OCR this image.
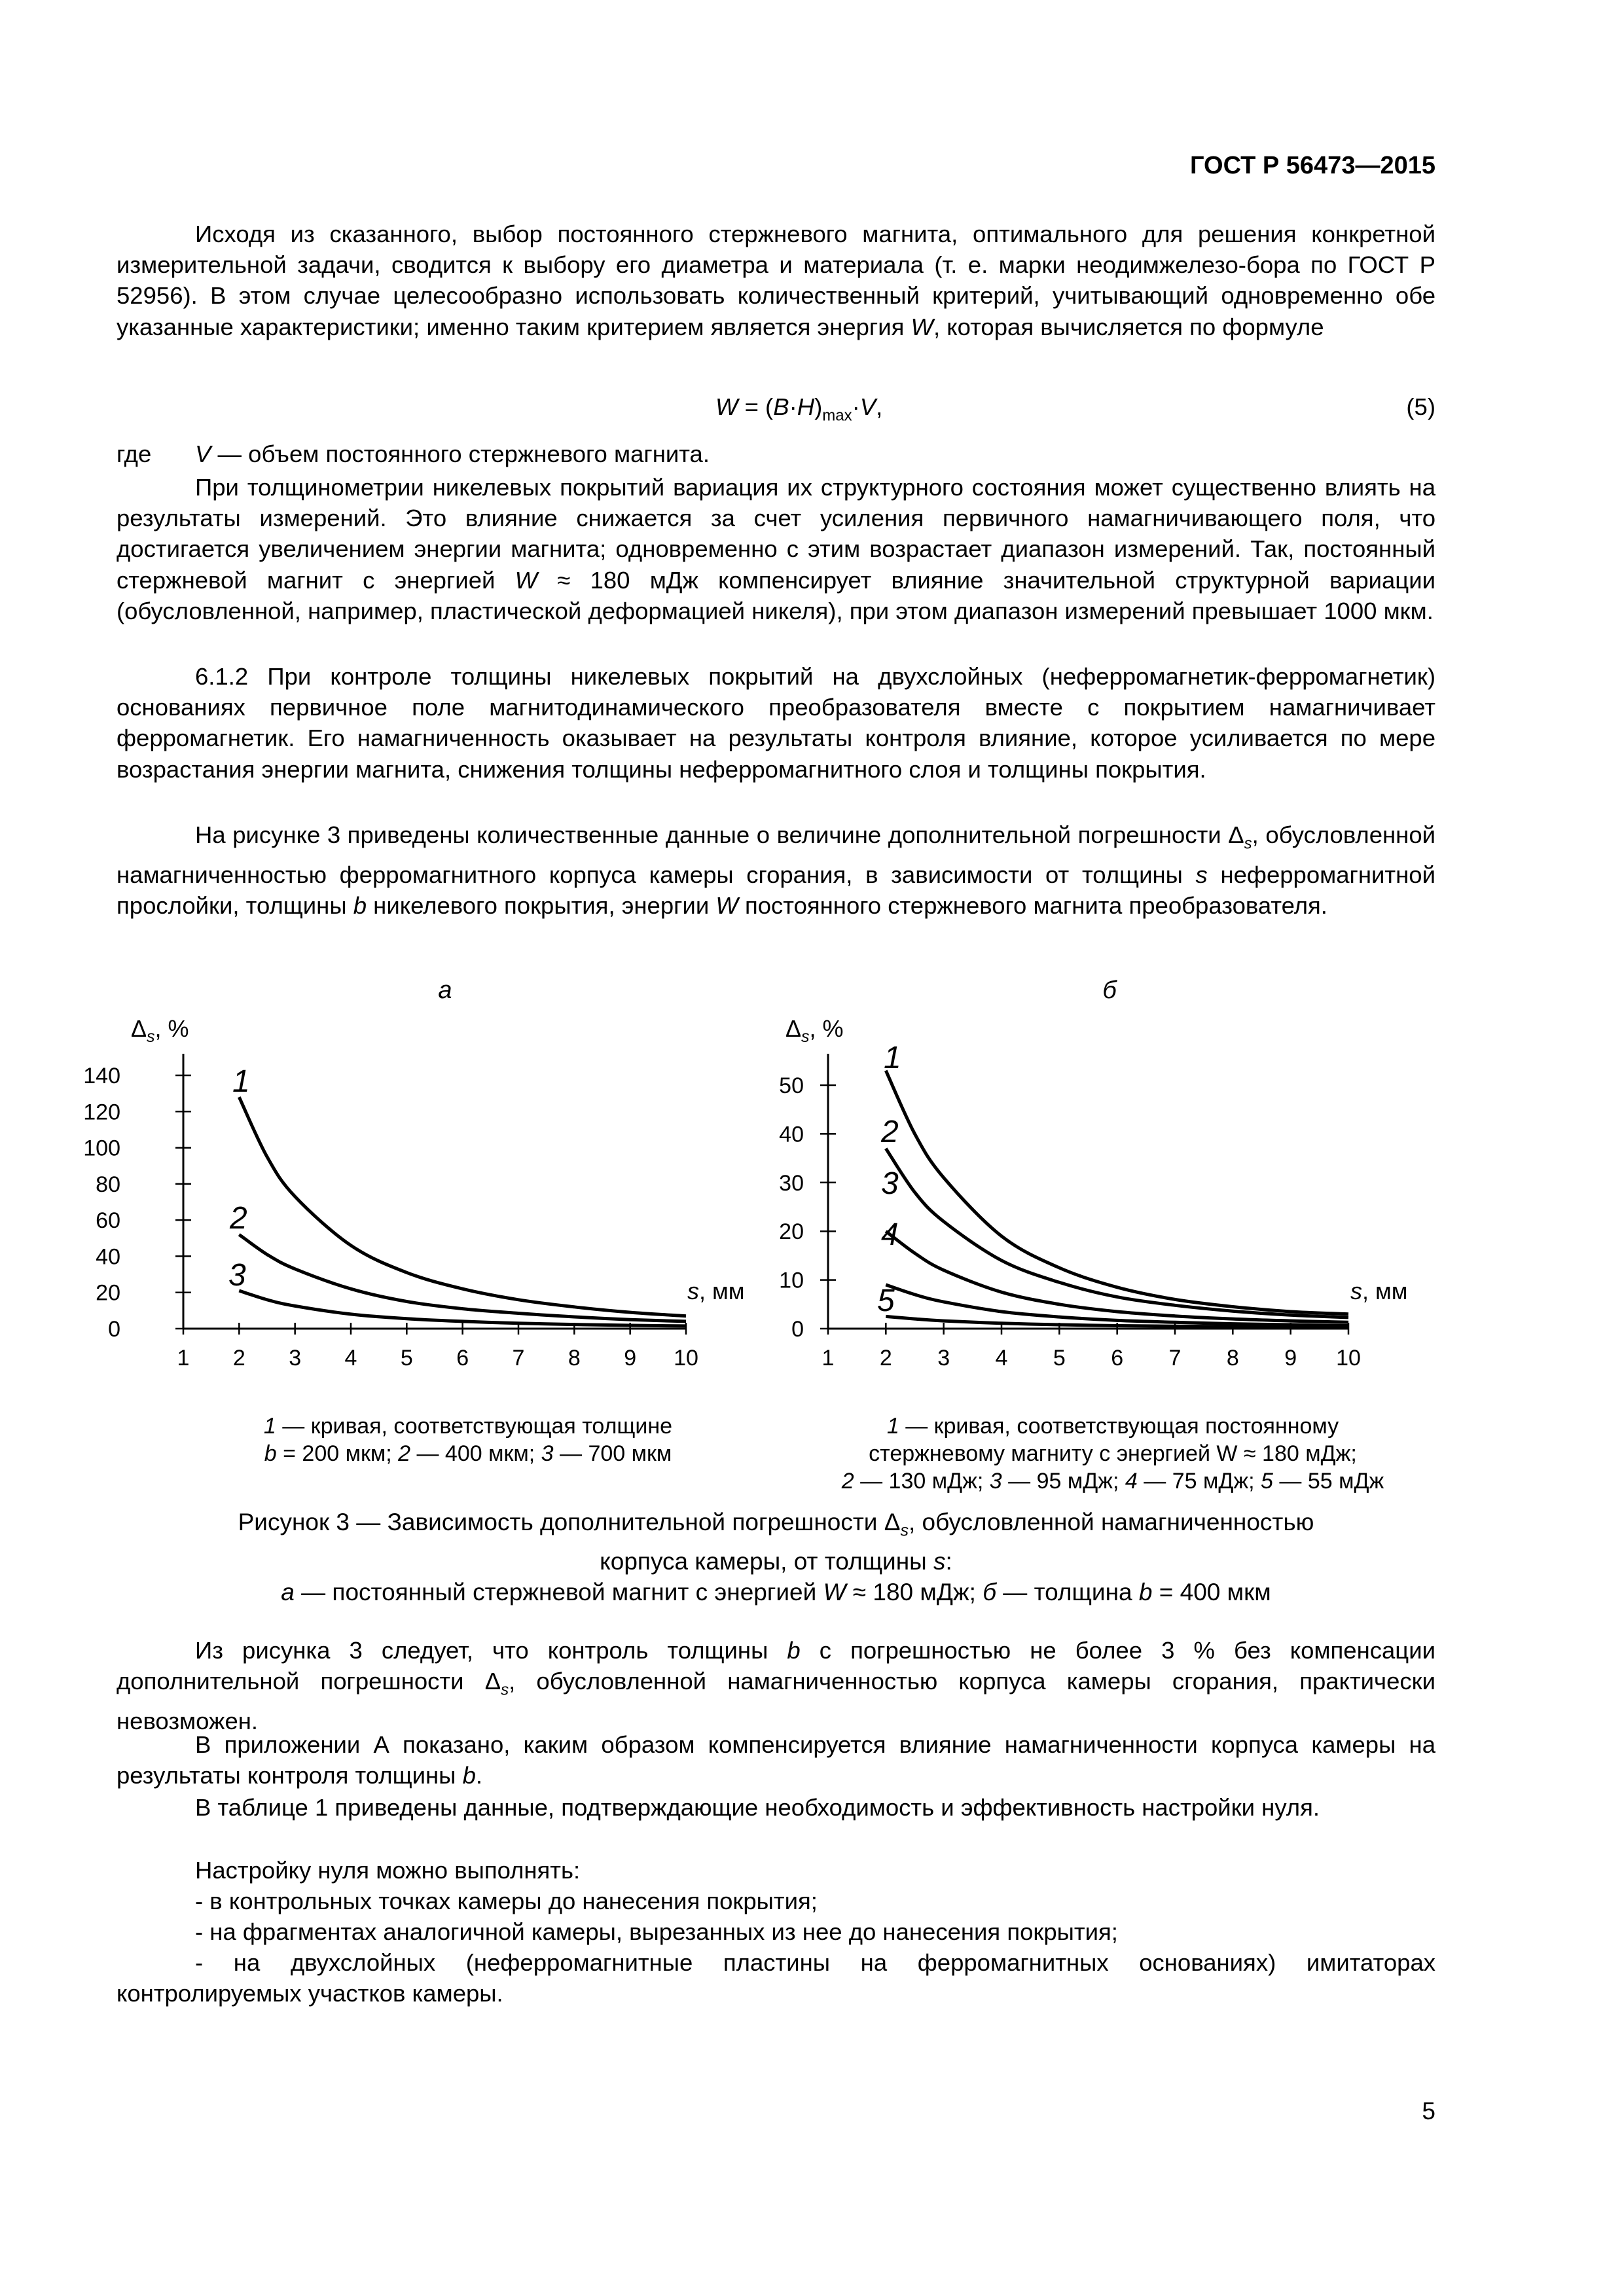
ГОСТ Р 56473—2015

Исходя из сказанного, выбор постоянного стержневого магнита, оптимального для решения конкретной измерительной задачи, сводится к выбору его диаметра и материала (т. е. марки неодимжелезо-бора по ГОСТ Р 52956). В этом случае целесообразно использовать количественный критерий, учитывающий одновременно обе указанные характеристики; именно таким критерием является энергия W, которая вычисляется по формуле

$W = (B\cdot H)_{max}\cdot V$,	(5)
где V — объем постоянного стержневого магнита.

При толщинометрии никелевых покрытий вариация их структурного состояния может существенно влиять на результаты измерений. Это влияние снижается за счет усиления первичного намагничивающего поля, что достигается увеличением энергии магнита; одновременно с этим возрастает диапазон измерений. Так, постоянный стержневой магнит с энергией W ≈ 180 мДж компенсирует влияние значительной структурной вариации (обусловленной, например, пластической деформацией никеля), при этом диапазон измерений превышает 1000 мкм.

6.1.2 При контроле толщины никелевых покрытий на двухслойных (неферромагнетик-ферромагнетик) основаниях первичное поле магнитодинамического преобразователя вместе с покрытием намагничивает ферромагнетик. Его намагниченность оказывает на результаты контроля влияние, которое усиливается по мере возрастания энергии магнита, снижения толщины неферромагнитного слоя и толщины покрытия.

На рисунке 3 приведены количественные данные о величине дополнительной погрешности $\Delta_s$, обусловленной намагниченностью ферромагнитного корпуса камеры сгорания, в зависимости от толщины s неферромагнитной прослойки, толщины b никелевого покрытия, энергии W постоянного стержневого магнита преобразователя.

а
$\Delta_s$, %
s, мм
1 2 3 4 5 6 7 8 9 10
0
20
40
60
80
100
120
140	1
2
3
б
$\Delta_s$, %
s, мм
1 2 3 4 5 6 7 8 9 10
0
10
20
30
40
50
1
2
3
4
5

1 — кривая, соответствующая толщине
b = 200 мкм; 2 — 400 мкм; 3 — 700 мкм

1 — кривая, соответствующая постоянному
стержневому магниту с энергией W ≈ 180 мДж;
2 — 130 мДж; 3 — 95 мДж; 4 — 75 мДж; 5 — 55 мДж

Рисунок 3 — Зависимость дополнительной погрешности $\Delta_s$, обусловленной намагниченностью
корпуса камеры, от толщины s:
а — постоянный стержневой магнит с энергией W ≈ 180 мДж; б — толщина b = 400 мкм

Из рисунка 3 следует, что контроль толщины b с погрешностью не более 3 % без компенсации дополнительной погрешности $\Delta_s$, обусловленной намагниченностью корпуса камеры сгорания, практически невозможен.

В приложении А показано, каким образом компенсируется влияние намагниченности корпуса камеры на результаты контроля толщины b.

В таблице 1 приведены данные, подтверждающие необходимость и эффективность настройки нуля.

Настройку нуля можно выполнять:

- в контрольных точках камеры до нанесения покрытия;

- на фрагментах аналогичной камеры, вырезанных из нее до нанесения покрытия;

- на двухслойных (неферромагнитные пластины на ферромагнитных основаниях) имитаторах контролируемых участков камеры.

5
